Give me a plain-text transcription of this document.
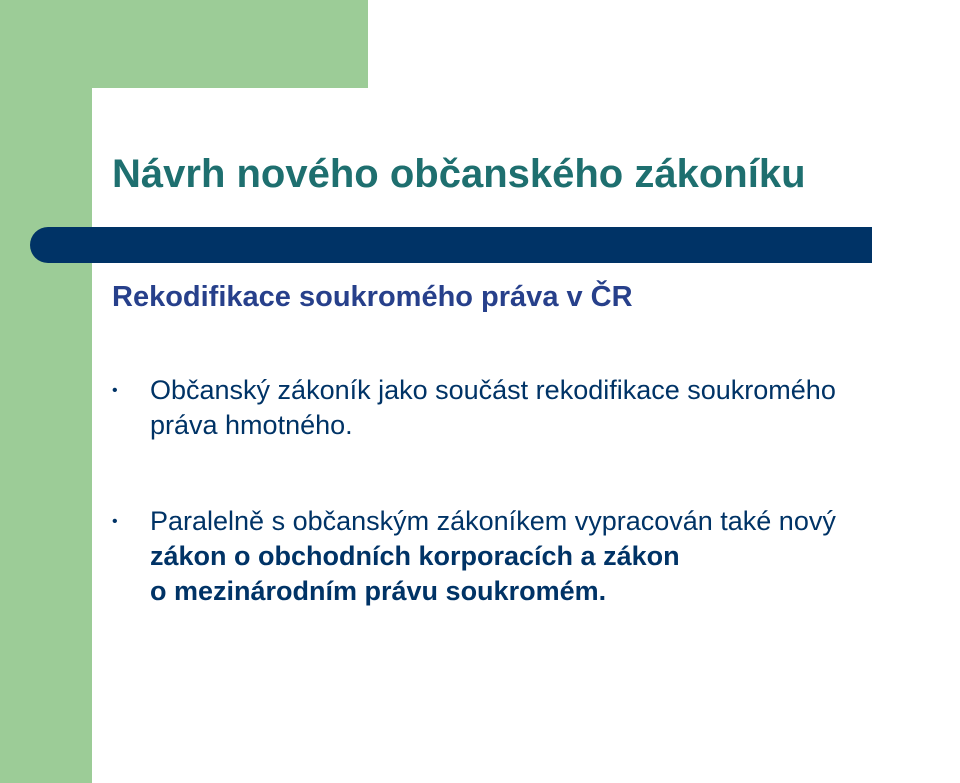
Návrh nového občanského zákoníku
Rekodifikace soukromého práva v ČR
•	Občanský zákoník jako součást rekodifikace soukromého
práva hmotného.
•	Paralelně s občanským zákoníkem vypracován také nový
zákon o obchodních korporacích a zákon
o mezinárodním právu soukromém.
